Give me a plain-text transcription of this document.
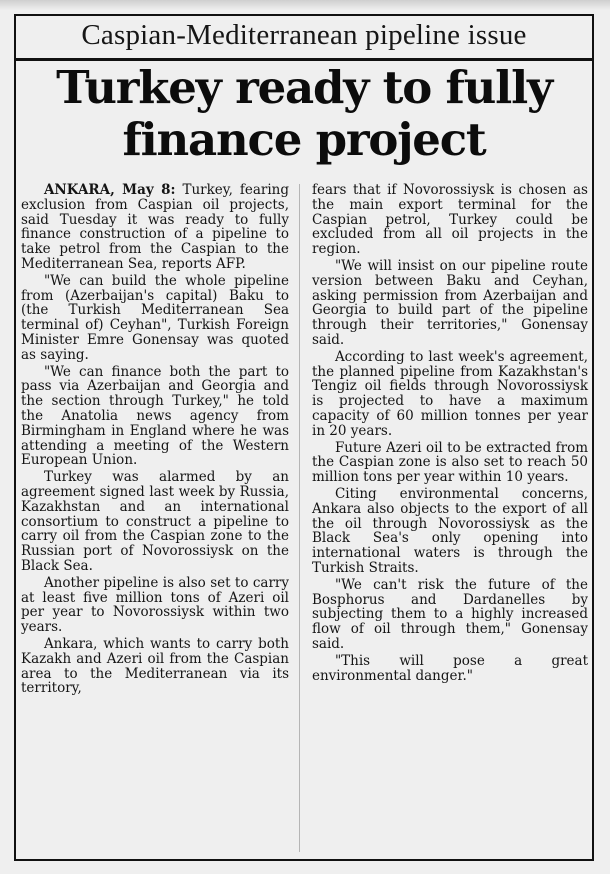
Caspian-Mediterranean pipeline issue
Turkey ready to fully
finance project

ANKARA, May 8: Turkey, fearing exclusion from Caspian oil projects, said Tuesday it was ready to fully finance construction of a pipeline to take petrol from the Caspian to the Mediterranean Sea, reports AFP.

"We can build the whole pipeline from (Azerbaijan's capital) Baku to (the Turkish Mediterranean Sea terminal of) Ceyhan", Turkish Foreign Minister Emre Gonensay was quoted as saying.

"We can finance both the part to pass via Azerbaijan and Georgia and the section through Turkey," he told the Anatolia news agency from Birmingham in England where he was attending a meeting of the Western European Union.

Turkey was alarmed by an agreement signed last week by Russia, Kazakhstan and an international consortium to construct a pipeline to carry oil from the Caspian zone to the Russian port of Novorossiysk on the Black Sea.

Another pipeline is also set to carry at least five million tons of Azeri oil per year to Novorossiysk within two years.

Ankara, which wants to carry both Kazakh and Azeri oil from the Caspian area to the Mediterranean via its territory,

fears that if Novorossiysk is chosen as the main export terminal for the Caspian petrol, Turkey could be excluded from all oil projects in the region.

"We will insist on our pipeline route version between Baku and Ceyhan, asking permission from Azerbaijan and Georgia to build part of the pipeline through their territories," Gonensay said.

According to last week's agreement, the planned pipeline from Kazakhstan's Tengiz oil fields through Novorossiysk is projected to have a maximum capacity of 60 million tonnes per year in 20 years.

Future Azeri oil to be extracted from the Caspian zone is also set to reach 50 million tons per year within 10 years.

Citing environmental concerns, Ankara also objects to the export of all the oil through Novorossiysk as the Black Sea's only opening into international waters is through the Turkish Straits.

"We can't risk the future of the Bosphorus and Dardanelles by subjecting them to a highly increased flow of oil through them," Gonensay said.

"This will pose a great environmental danger."
